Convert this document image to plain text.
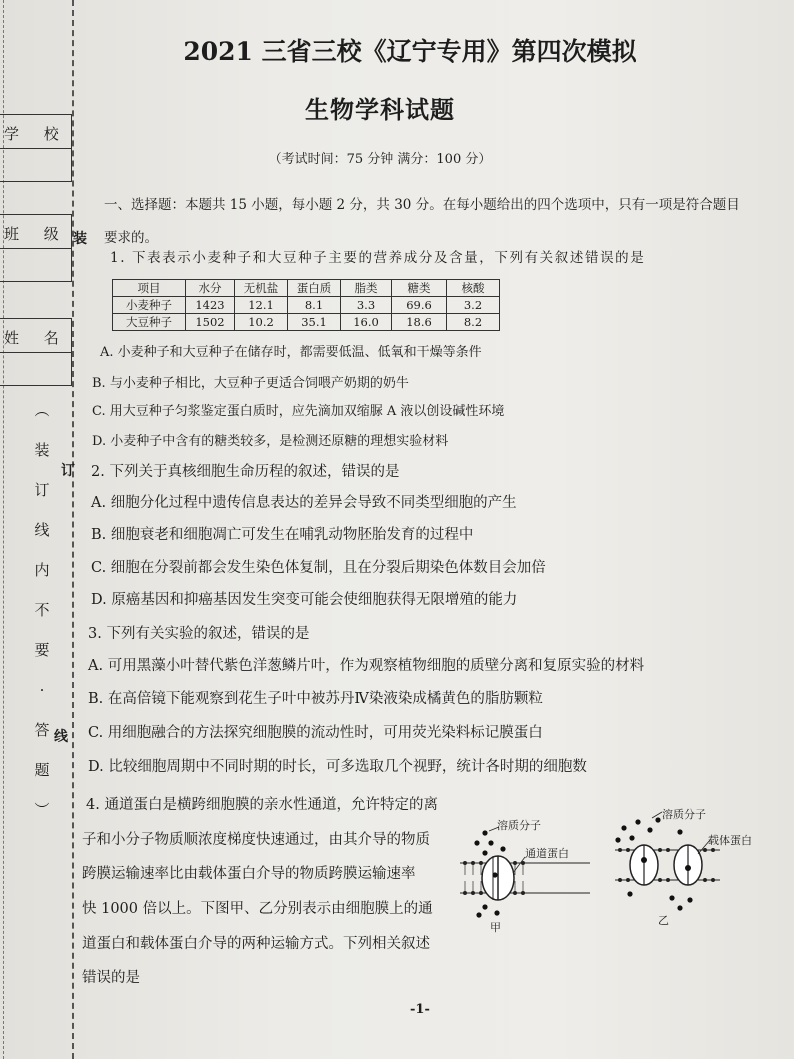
学 校
班 级
姓 名
︵
装
订
线
内
不
要
·
答
题
︶
装
订
线
2021 三省三校《辽宁专用》第四次模拟
生物学科试题
（考试时间：75 分钟 满分：100 分）
一、选择题：本题共 15 小题，每小题 2 分，共 30 分。在每小题给出的四个选项中，只有一项是符合题目
要求的。
1. 下表表示小麦种子和大豆种子主要的营养成分及含量，下列有关叙述错误的是
项目	水分	无机盐	蛋白质	脂类	糖类	核酸
小麦种子	1423	12.1	8.1	3.3	69.6	3.2
大豆种子	1502	10.2	35.1	16.0	18.6	8.2
A. 小麦种子和大豆种子在储存时，都需要低温、低氧和干燥等条件
B. 与小麦种子相比，大豆种子更适合饲喂产奶期的奶牛
C. 用大豆种子匀浆鉴定蛋白质时，应先滴加双缩脲 A 液以创设碱性环境
D. 小麦种子中含有的糖类较多，是检测还原糖的理想实验材料
2. 下列关于真核细胞生命历程的叙述，错误的是
A. 细胞分化过程中遗传信息表达的差异会导致不同类型细胞的产生
B. 细胞衰老和细胞凋亡可发生在哺乳动物胚胎发育的过程中
C. 细胞在分裂前都会发生染色体复制，且在分裂后期染色体数目会加倍
D. 原癌基因和抑癌基因发生突变可能会使细胞获得无限增殖的能力
3. 下列有关实验的叙述，错误的是
A. 可用黑藻小叶替代紫色洋葱鳞片叶，作为观察植物细胞的质壁分离和复原实验的材料
B. 在高倍镜下能观察到花生子叶中被苏丹Ⅳ染液染成橘黄色的脂肪颗粒
C. 用细胞融合的方法探究细胞膜的流动性时，可用荧光染料标记膜蛋白
D. 比较细胞周期中不同时期的时长，可多选取几个视野，统计各时期的细胞数
4. 通道蛋白是横跨细胞膜的亲水性通道，允许特定的离
子和小分子物质顺浓度梯度快速通过，由其介导的物质
跨膜运输速率比由载体蛋白介导的物质跨膜运输速率
快 1000 倍以上。下图甲、乙分别表示由细胞膜上的通
道蛋白和载体蛋白介导的两种运输方式。下列相关叙述
错误的是
溶质分子
通道蛋白
甲
溶质分子
载体蛋白
乙
-1-
